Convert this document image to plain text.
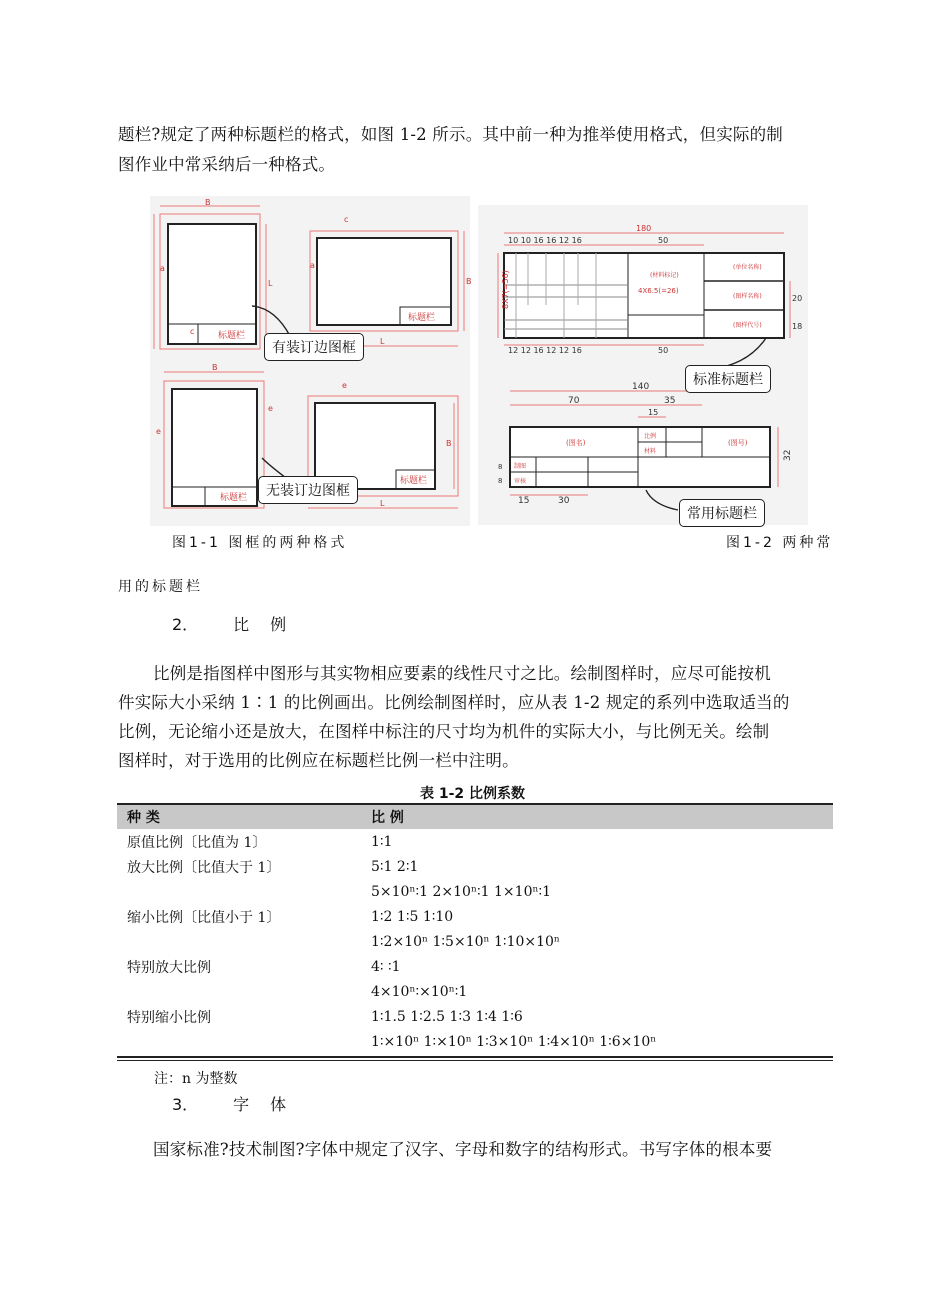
题栏?规定了两种标题栏的格式，如图 1-2 所示。其中前一种为推举使用格式，但实际的制
图作业中常采纳后一种格式。
标题栏
B
L
a
c
标题栏
L
B
c
a
标题栏
B
e
e
标题栏
L
B
e
有装订边图框
无装订边图框
180
10 10 16 16 12 16	50
(材料标记)
(单位名称)
(图样名称)
(图样代号)
4X6.5(=26)
8X7(=56)	20
18
12 12 16 12 12 16	50
140
70	35
15
(图名)	(图号)
比例
材料
制图
审核
32
15	30
8
8
标准标题栏
常用标题栏
图1-1 图框的两种格式	图1-2 两种常
用的标题栏
2． 比 例
比例是指图样中图形与其实物相应要素的线性尺寸之比。绘制图样时，应尽可能按机
件实际大小采纳 1∶1 的比例画出。比例绘制图样时，应从表 1-2 规定的系列中选取适当的
比例，无论缩小还是放大，在图样中标注的尺寸均为机件的实际大小，与比例无关。绘制
图样时，对于选用的比例应在标题栏比例一栏中注明。
表 1-2 比例系数
种 类	比 例
原值比例〔比值为 1〕	1∶1
放大比例〔比值大于 1〕	5∶1 2∶1
	5×10ⁿ∶1 2×10ⁿ∶1 1×10ⁿ∶1
缩小比例〔比值小于 1〕	1∶2 1∶5 1∶10
	1∶2×10ⁿ 1∶5×10ⁿ 1∶10×10ⁿ
特别放大比例	4∶ ∶1
	4×10ⁿ∶×10ⁿ∶1
特别缩小比例	1∶1.5 1∶2.5 1∶3 1∶4 1∶6
	1∶×10ⁿ 1∶×10ⁿ 1∶3×10ⁿ 1∶4×10ⁿ 1∶6×10ⁿ
注：n 为整数
3． 字 体
国家标准?技术制图?字体中规定了汉字、字母和数字的结构形式。书写字体的根本要
